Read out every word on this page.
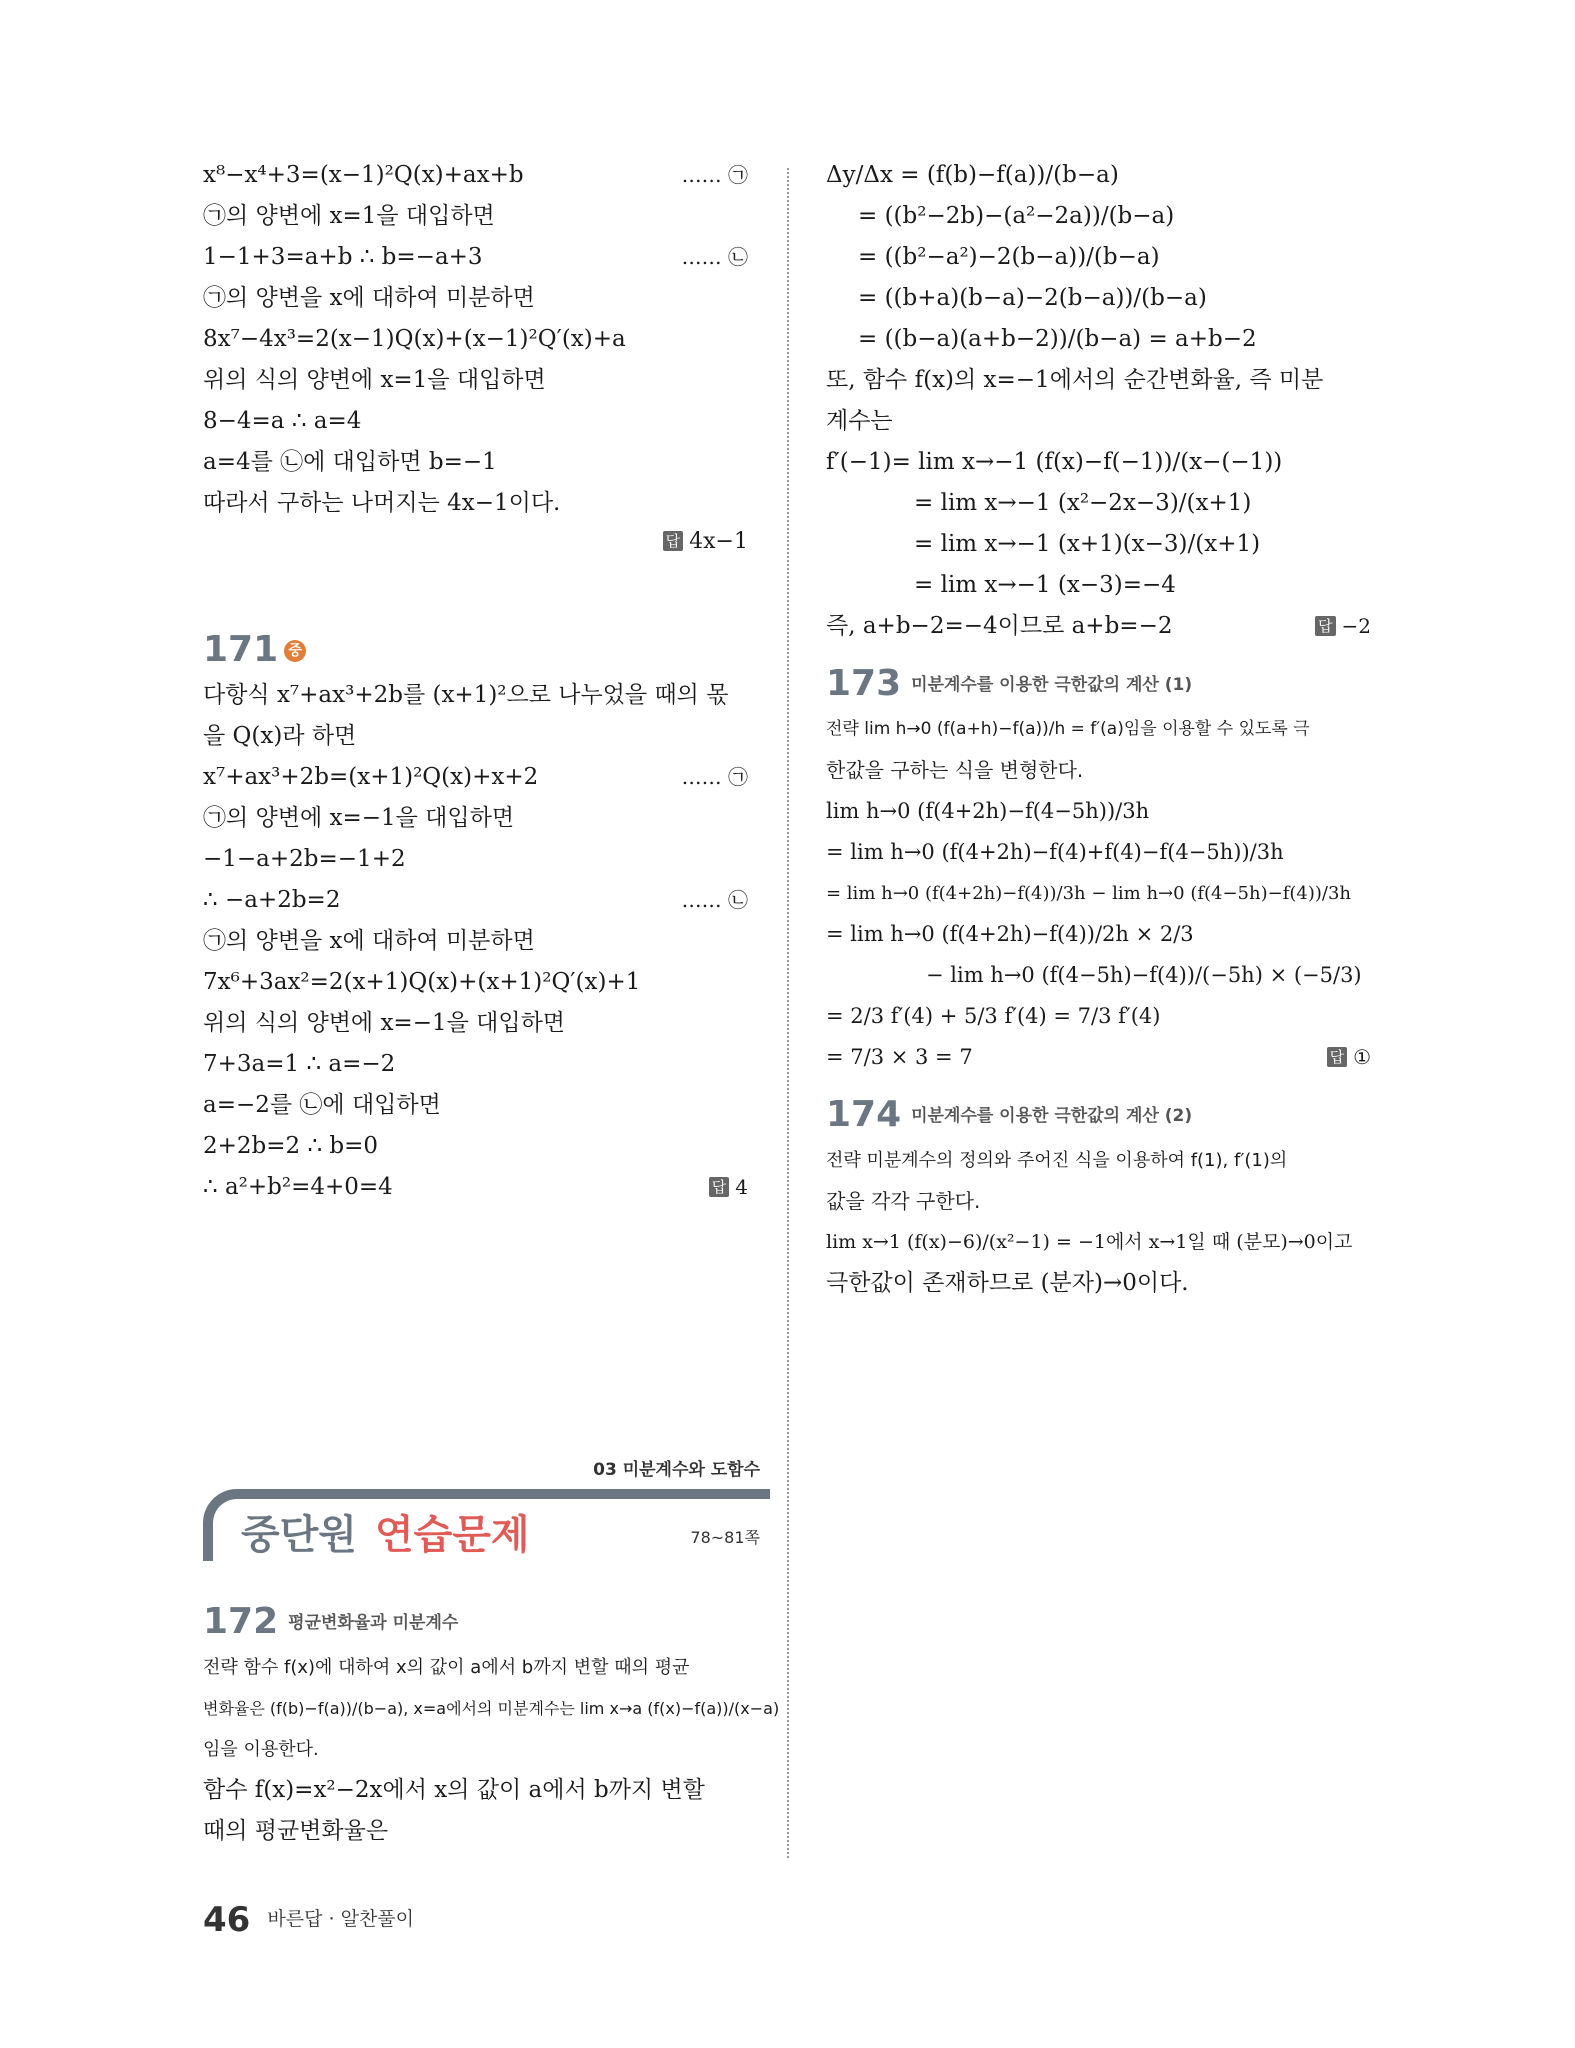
x⁸−x⁴+3=(x−1)²Q(x)+ax+b	…… ㉠
㉠의 양변에 x=1을 대입하면
1−1+3=a+b ∴ b=−a+3	…… ㉡
㉠의 양변을 x에 대하여 미분하면
8x⁷−4x³=2(x−1)Q(x)+(x−1)²Q′(x)+a
위의 식의 양변에 x=1을 대입하면
8−4=a ∴ a=4
a=4를 ㉡에 대입하면 b=−1
따라서 구하는 나머지는 4x−1이다.
답 4x−1
171 중
다항식 x⁷+ax³+2b를 (x+1)²으로 나누었을 때의 몫
을 Q(x)라 하면
x⁷+ax³+2b=(x+1)²Q(x)+x+2	…… ㉠
㉠의 양변에 x=−1을 대입하면
−1−a+2b=−1+2
∴ −a+2b=2	…… ㉡
㉠의 양변을 x에 대하여 미분하면
7x⁶+3ax²=2(x+1)Q(x)+(x+1)²Q′(x)+1
위의 식의 양변에 x=−1을 대입하면
7+3a=1 ∴ a=−2
a=−2를 ㉡에 대입하면
2+2b=2 ∴ b=0
∴ a²+b²=4+0=4	답 4
03 미분계수와 도함수
중단원 연습문제	78~81쪽
172 평균변화율과 미분계수
전략 함수 f(x)에 대하여 x의 값이 a에서 b까지 변할 때의 평균
변화율은 (f(b)−f(a))/(b−a), x=a에서의 미분계수는 lim x→a (f(x)−f(a))/(x−a)
임을 이용한다.
함수 f(x)=x²−2x에서 x의 값이 a에서 b까지 변할
때의 평균변화율은
Δy/Δx = (f(b)−f(a))/(b−a)
= ((b²−2b)−(a²−2a))/(b−a)
= ((b²−a²)−2(b−a))/(b−a)
= ((b+a)(b−a)−2(b−a))/(b−a)
= ((b−a)(a+b−2))/(b−a) = a+b−2
또, 함수 f(x)의 x=−1에서의 순간변화율, 즉 미분
계수는
f′(−1)= lim x→−1 (f(x)−f(−1))/(x−(−1))
= lim x→−1 (x²−2x−3)/(x+1)
= lim x→−1 (x+1)(x−3)/(x+1)
= lim x→−1 (x−3)=−4
즉, a+b−2=−4이므로 a+b=−2	답 −2
173 미분계수를 이용한 극한값의 계산 (1)
전략 lim h→0 (f(a+h)−f(a))/h = f′(a)임을 이용할 수 있도록 극
한값을 구하는 식을 변형한다.
lim h→0 (f(4+2h)−f(4−5h))/3h
= lim h→0 (f(4+2h)−f(4)+f(4)−f(4−5h))/3h
= lim h→0 (f(4+2h)−f(4))/3h − lim h→0 (f(4−5h)−f(4))/3h
= lim h→0 (f(4+2h)−f(4))/2h × 2/3
− lim h→0 (f(4−5h)−f(4))/(−5h) × (−5/3)
= 2/3 f′(4) + 5/3 f′(4) = 7/3 f′(4)
= 7/3 × 3 = 7	답 ①
174 미분계수를 이용한 극한값의 계산 (2)
전략 미분계수의 정의와 주어진 식을 이용하여 f(1), f′(1)의
값을 각각 구한다.
lim x→1 (f(x)−6)/(x²−1) = −1에서 x→1일 때 (분모)→0이고
극한값이 존재하므로 (분자)→0이다.
46 바른답 · 알찬풀이
